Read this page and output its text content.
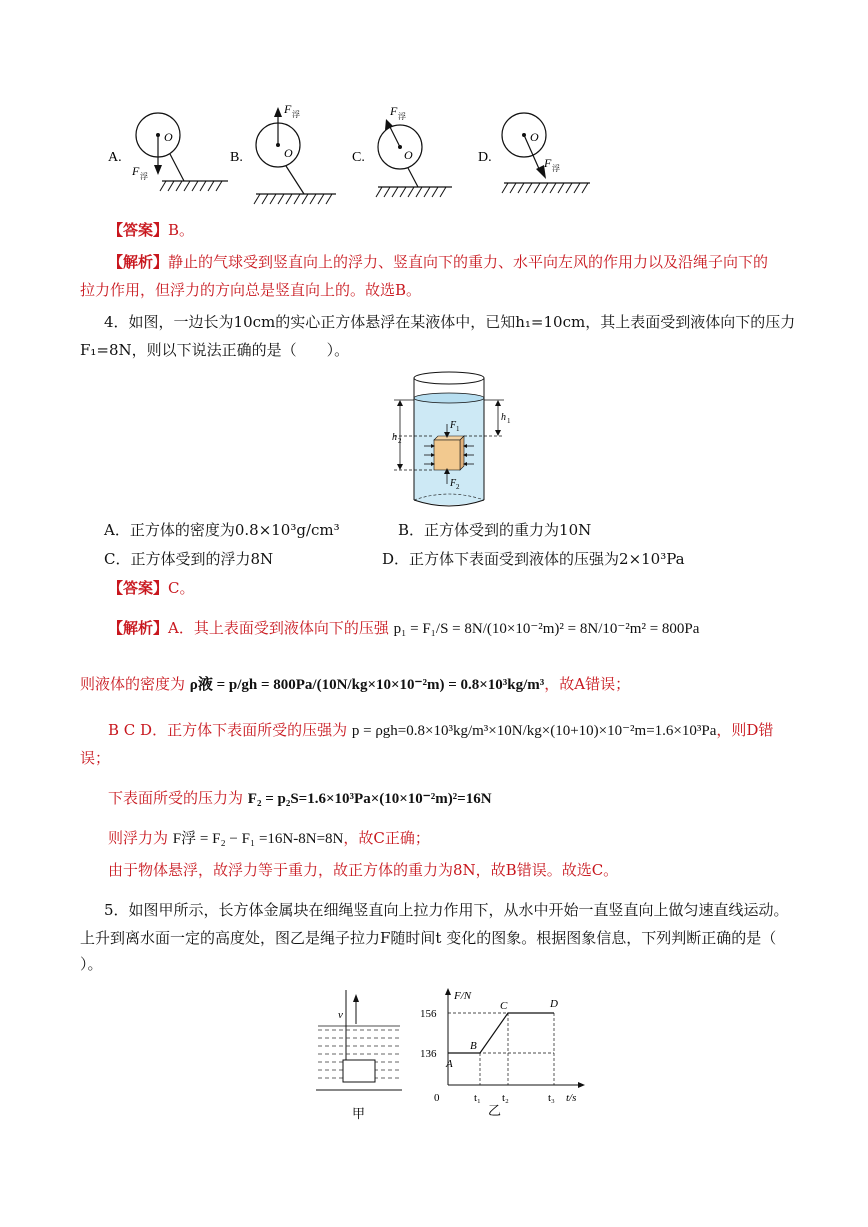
A.
O
F 浮
B.	O
F 浮
C.	O
F 浮
D.
O
F 浮
【答案】B。
【解析】静止的气球受到竖直向上的浮力、竖直向下的重力、水平向左风的作用力以及沿绳子向下的
拉力作用，但浮力的方向总是竖直向上的。故选B。
4．如图，一边长为10cm的实心正方体悬浮在某液体中，已知h₁=10cm，其上表面受到液体向下的压力
F₁=8N，则以下说法正确的是（　　）。
h 2
h 1
F 1
F 2
A．正方体的密度为0.8×10³g/cm³	B．正方体受到的重力为10N
C．正方体受到的浮力8N	D．正方体下表面受到液体的压强为2×10³Pa
【答案】C。
【解析】A．其上表面受到液体向下的压强 p₁ = F₁/S = 8N/(10×10⁻²m)² = 8N/10⁻²m² = 800Pa
则液体的密度为 ρ液 = p/gh = 800Pa/(10N/kg×10×10⁻²m) = 0.8×10³kg/m³，故A错误；
B C D．正方体下表面所受的压强为 p = ρgh=0.8×10³kg/m³×10N/kg×(10+10)×10⁻²m=1.6×10³Pa，则D错
误；
下表面所受的压力为 F₂ = p₂S=1.6×10³Pa×(10×10⁻²m)²=16N
则浮力为 F浮 = F₂ − F₁ =16N-8N=8N，故C正确；
由于物体悬浮，故浮力等于重力，故正方体的重力为8N，故B错误。故选C。
5．如图甲所示，长方体金属块在细绳竖直向上拉力作用下，从水中开始一直竖直向上做匀速直线运动。
上升到离水面一定的高度处，图乙是绳子拉力F随时间t 变化的图象。根据图象信息，下列判断正确的是（
）。
v
甲
F/N
t/s
0
乙
136
156
t₁ t₂	t₃
A
B
C	D
